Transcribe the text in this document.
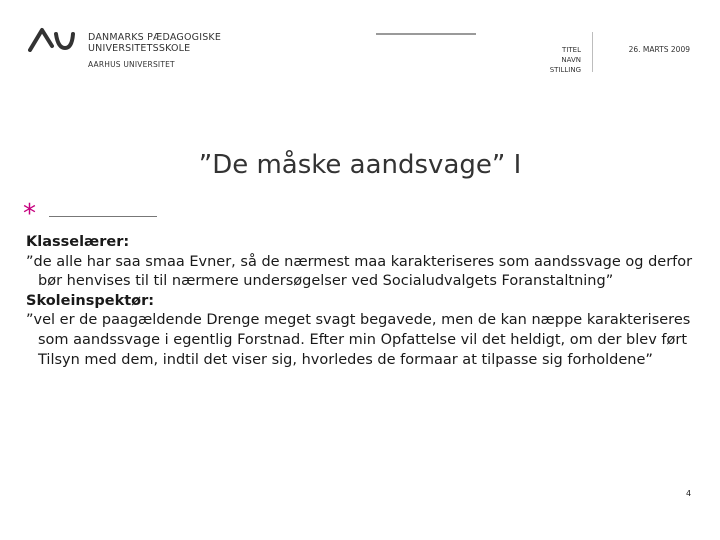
DANMARKS PÆDAGOGISKE
UNIVERSITETSSKOLE
AARHUS UNIVERSITET
TITEL
NAVN
STILLING
26. MARTS 2009
”De måske aandsvage” I
*

Klasselærer:

”de alle har saa smaa Evner, så de nærmest maa karakteriseres som aandssvage og derfor bør henvises til til nærmere undersøgelser ved Socialudvalgets Foranstaltning”

Skoleinspektør:

”vel er de paagældende Drenge meget svagt begavede, men de kan næppe karakteriseres som aandssvage i egentlig Forstnad. Efter min Opfattelse vil det heldigt, om der blev ført Tilsyn med dem, indtil det viser sig, hvorledes de formaar at tilpasse sig forholdene”

4
